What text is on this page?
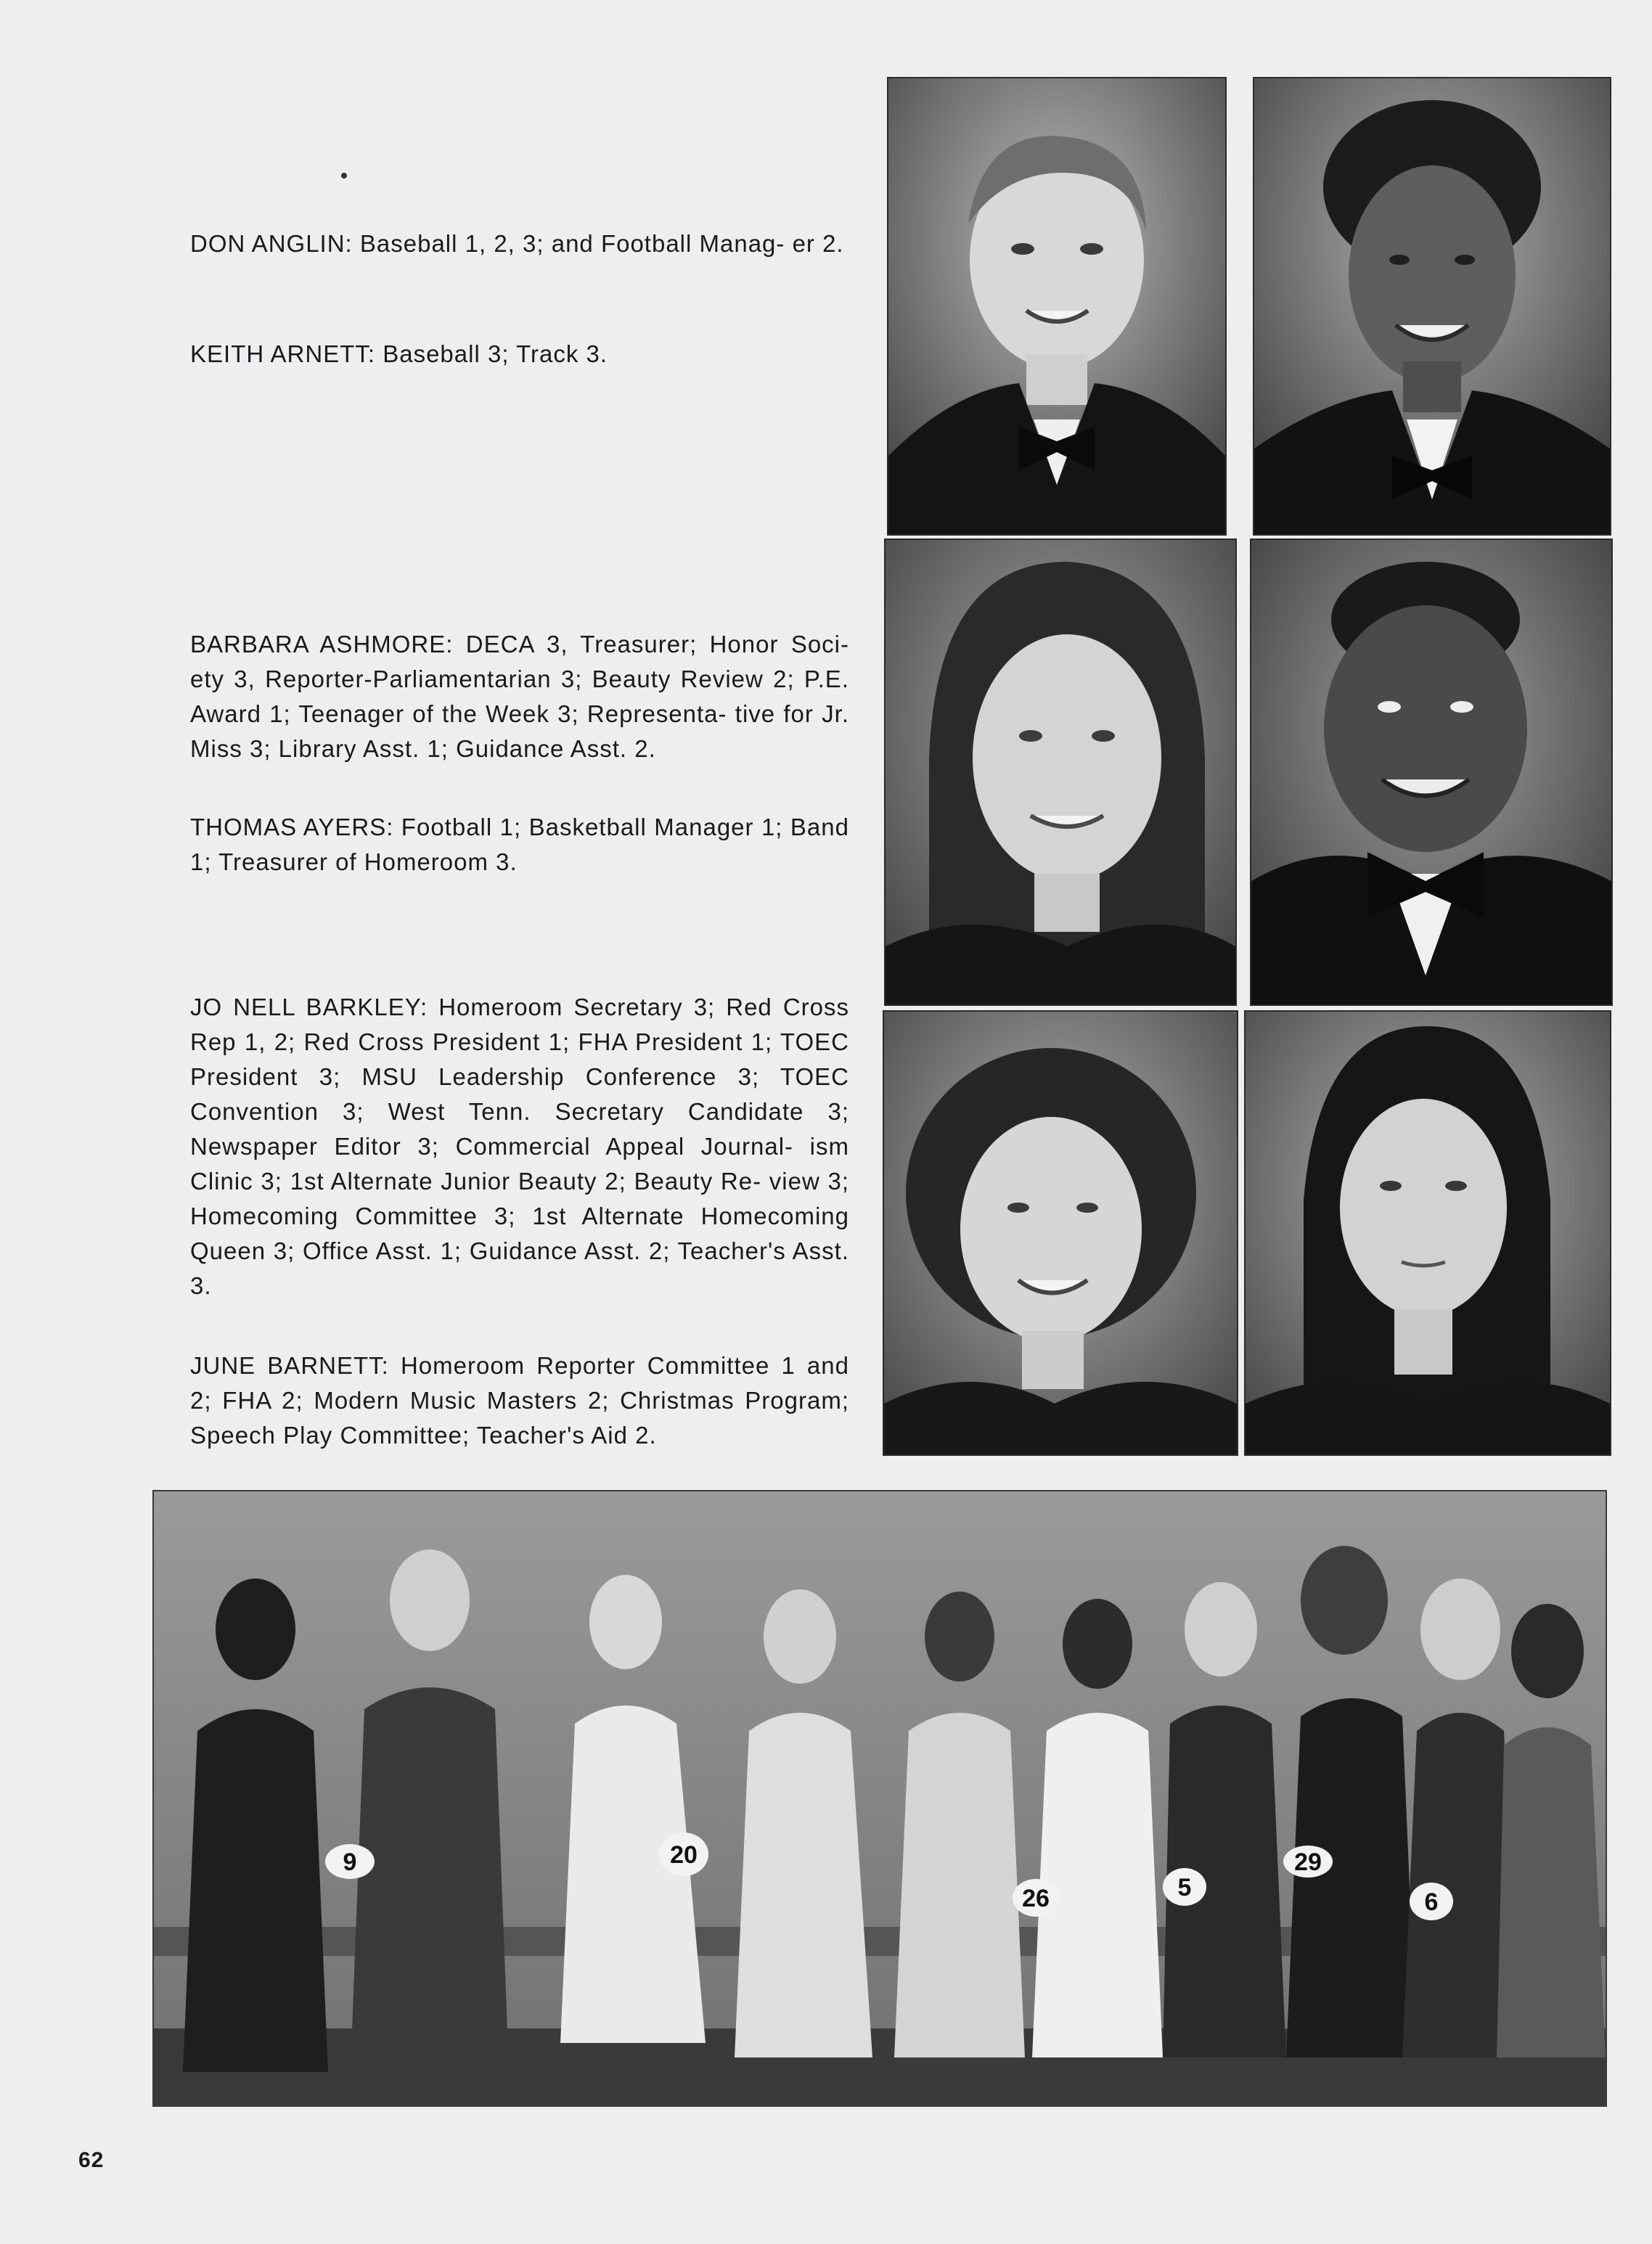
DON ANGLIN: Baseball 1, 2, 3; and Football Manag- er 2.
KEITH ARNETT: Baseball 3; Track 3.
BARBARA ASHMORE: DECA 3, Treasurer; Honor Soci- ety 3, Reporter-Parliamentarian 3; Beauty Review 2; P.E. Award 1; Teenager of the Week 3; Representa- tive for Jr. Miss 3; Library Asst. 1; Guidance Asst. 2.
THOMAS AYERS: Football 1; Basketball Manager 1; Band 1; Treasurer of Homeroom 3.
JO NELL BARKLEY: Homeroom Secretary 3; Red Cross Rep 1, 2; Red Cross President 1; FHA President 1; TOEC President 3; MSU Leadership Conference 3; TOEC Convention 3; West Tenn. Secretary Candidate 3; Newspaper Editor 3; Commercial Appeal Journal- ism Clinic 3; 1st Alternate Junior Beauty 2; Beauty Re- view 3; Homecoming Committee 3; 1st Alternate Homecoming Queen 3; Office Asst. 1; Guidance Asst. 2; Teacher's Asst. 3.
JUNE BARNETT: Homeroom Reporter Committee 1 and 2; FHA 2; Modern Music Masters 2; Christmas Program; Speech Play Committee; Teacher's Aid 2.
9	20
26	5
29
6
62
